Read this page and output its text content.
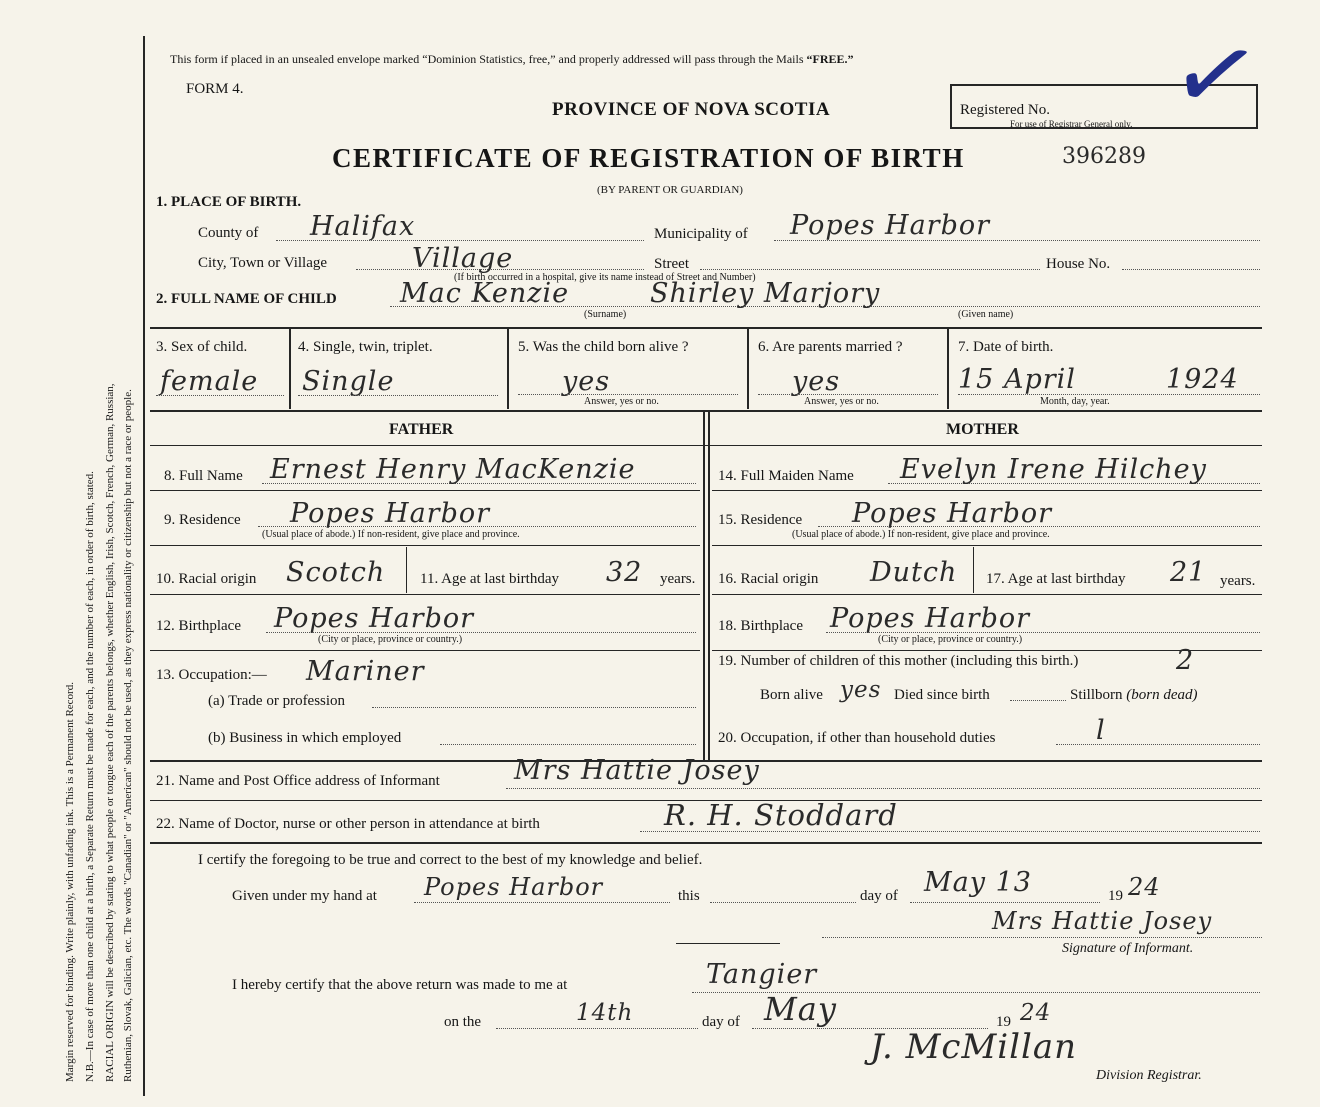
Margin reserved for binding. Write plainly, with unfading ink. This is a Permanent Record. N.B.—In case of more than one child at a birth, a Separate Return must be made for each, and the number of each, in order of birth, stated. RACIAL ORIGIN will be described by stating to what people or tongue each of the parents belongs, whether English, Irish, Scotch, French, German, Russian, Ruthenian, Slovak, Galician, etc. The words "Canadian" or "American" should not be used, as they express nationality or citizenship but not a race or people.
This form if placed in an unsealed envelope marked “Dominion Statistics, free,” and properly addressed will pass through the Mails “FREE.”
FORM 4.
PROVINCE OF NOVA SCOTIA
CERTIFICATE OF REGISTRATION OF BIRTH
(BY PARENT OR GUARDIAN)
Registered No.
For use of Registrar General only. ✓
396289
1. PLACE OF BIRTH.
County of Halifax	Municipality of Popes Harbor
City, Town or Village	Village	Street	House No.
(If birth occurred in a hospital, give its name instead of Street and Number)
2. FULL NAME OF CHILD Mac Kenzie	Shirley Marjory
(Surname)	(Given name)
3. Sex of child.
female
4. Single, twin, triplet.
Single
5. Was the child born alive ?
yes
Answer, yes or no.
6. Are parents married ?
yes
Answer, yes or no.
7. Date of birth.
15 April	1924
Month, day, year.
FATHER	MOTHER
8. Full Name Ernest Henry MacKenzie
9. Residence Popes Harbor
(Usual place of abode.) If non-resident, give place and province.
10. Racial origin Scotch 11. Age at last birthday 32 years.
12. Birthplace Popes Harbor
(City or place, province or country.)
13. Occupation:— Mariner
(a) Trade or profession
(b) Business in which employed
14. Full Maiden Name Evelyn Irene Hilchey
15. Residence Popes Harbor
(Usual place of abode.) If non-resident, give place and province.
16. Racial origin Dutch 17. Age at last birthday 21 years.
18. Birthplace Popes Harbor
(City or place, province or country.)
19. Number of children of this mother (including this birth.)	2
Born alive yes Died since birth	Stillborn (born dead)
20. Occupation, if other than household duties	l
21. Name and Post Office address of Informant	Mrs Hattie Josey
22. Name of Doctor, nurse or other person in attendance at birth	R. H. Stoddard
I certify the foregoing to be true and correct to the best of my knowledge and belief.
Given under my hand at Popes Harbor	this	day of May 13	19 24
Mrs Hattie Josey
Signature of Informant.
I hereby certify that the above return was made to me at	Tangier
on the	14th	day of May	19 24
J. McMillan
Division Registrar.
